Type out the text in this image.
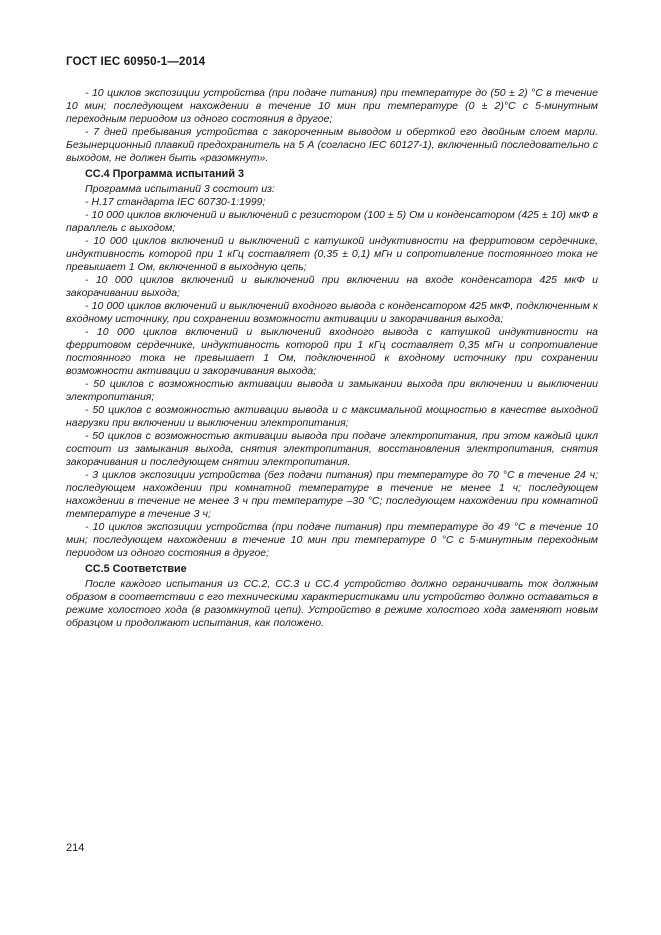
ГОСТ IEC 60950-1—2014

- 10 циклов экспозиции устройства (при подаче питания) при температуре до (50 ± 2) °С в течение 10 мин; последующем нахождении в течение 10 мин при температуре (0 ± 2)°С с 5-минутным переходным периодом из одного состояния в другое;

- 7 дней пребывания устройства с закороченным выводом и оберткой его двойным слоем марли. Безынерционный плавкий предохранитель на 5 А (согласно IEC 60127-1), включенный последовательно с выходом, не должен быть «разомкнут».

СС.4 Программа испытаний 3

Программа испытаний 3 состоит из:

- Н.17 стандарта IEC 60730-1:1999;

- 10 000 циклов включений и выключений с резистором (100 ± 5) Ом и конденсатором (425 ± 10) мкФ в параллель с выходом;

- 10 000 циклов включений и выключений с катушкой индуктивности на ферритовом сердечнике, индуктивность которой при 1 кГц составляет (0,35 ± 0,1) мГн и сопротивление постоянного тока не превышает 1 Ом, включенной в выходную цепь;

- 10 000 циклов включений и выключений при включении на входе конденсатора 425 мкФ и закорачивании выхода;

- 10 000 циклов включений и выключений входного вывода с конденсатором 425 мкФ, подключенным к входному источнику, при сохранении возможности активации и закорачивания выхода;

- 10 000 циклов включений и выключений входного вывода с катушкой индуктивности на ферритовом сердечнике, индуктивность которой при 1 кГц составляет 0,35 мГн и сопротивление постоянного тока не превышает 1 Ом, подключенной к входному источнику при сохранении возможности активации и закорачивания выхода;

- 50 циклов с возможностью активации вывода и замыкании выхода при включении и выключении электропитания;

- 50 циклов с возможностью активации вывода и с максимальной мощностью в качестве выходной нагрузки при включении и выключении электропитания;

- 50 циклов с возможностью активации вывода при подаче электропитания, при этом каждый цикл состоит из замыкания выхода, снятия электропитания, восстановления электропитания, снятия закорачивания и последующем снятии электропитания.

- 3 циклов экспозиции устройства (без подачи питания) при температуре до 70 °С в течение 24 ч; последующем нахождении при комнатной температуре в течение не менее 1 ч; последующем нахождении в течение не менее 3 ч при температуре –30 °С; последующем нахождении при комнатной температуре в течение 3 ч;

- 10 циклов экспозиции устройства (при подаче питания) при температуре до 49 °С в течение 10 мин; последующем нахождении в течение 10 мин при температуре 0 °С с 5-минутным переходным периодом из одного состояния в другое;

СС.5 Соответствие

После каждого испытания из СС.2, СС.3 и СС.4 устройство должно ограничивать ток должным образом в соответствии с его техническими характеристиками или устройство должно оставаться в режиме холостого хода (в разомкнутой цепи). Устройство в режиме холостого хода заменяют новым образцом и продолжают испытания, как положено.

214
